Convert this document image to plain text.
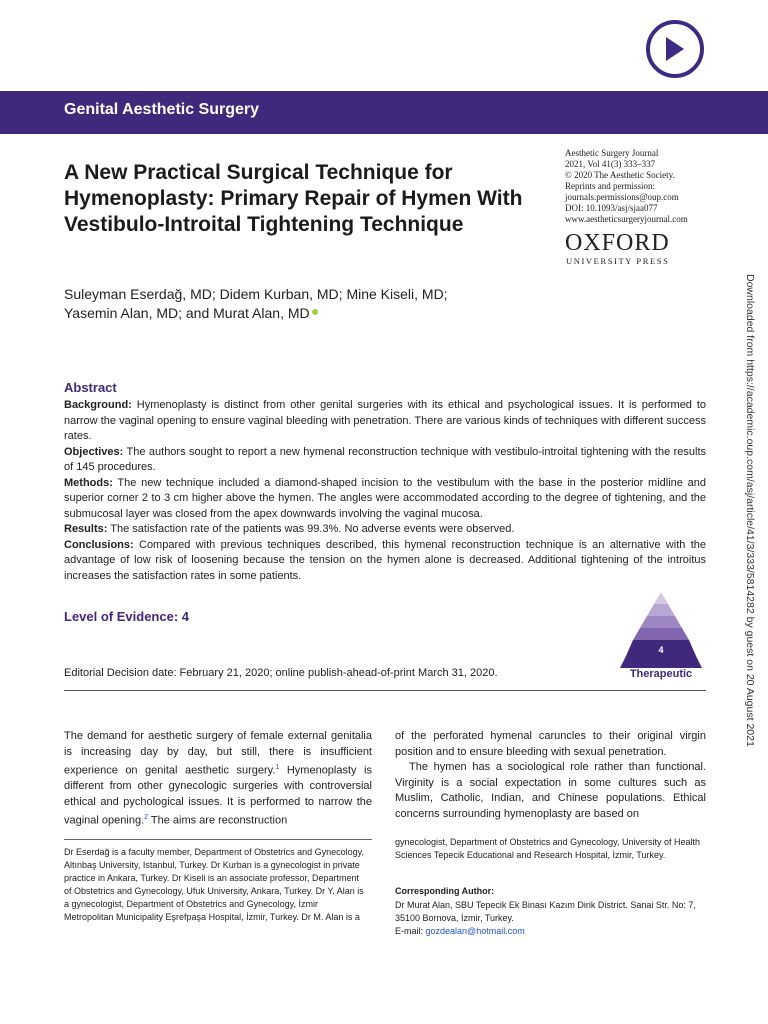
Genital Aesthetic Surgery
A New Practical Surgical Technique for Hymenoplasty: Primary Repair of Hymen With Vestibulo-Introital Tightening Technique
Aesthetic Surgery Journal
2021, Vol 41(3) 333–337
© 2020 The Aesthetic Society.
Reprints and permission:
journals.permissions@oup.com
DOI: 10.1093/asj/sjaa077
www.aestheticsurgeryjournal.com
OXFORD
UNIVERSITY PRESS
Suleyman Eserdağ, MD; Didem Kurban, MD; Mine Kiseli, MD;
Yasemin Alan, MD; and Murat Alan, MD	Downloaded from https://academic.oup.com/asj/article/41/3/333/5814282 by guest on 20 August 2021
Abstract

Background: Hymenoplasty is distinct from other genital surgeries with its ethical and psychological issues. It is performed to narrow the vaginal opening to ensure vaginal bleeding with penetration. There are various kinds of techniques with different success rates.

Objectives: The authors sought to report a new hymenal reconstruction technique with vestibulo-introital tightening with the results of 145 procedures.

Methods: The new technique included a diamond-shaped incision to the vestibulum with the base in the posterior midline and superior corner 2 to 3 cm higher above the hymen. The angles were accommodated according to the degree of tightening, and the submucosal layer was closed from the apex downwards involving the vaginal mucosa.

Results: The satisfaction rate of the patients was 99.3%. No adverse events were observed.

Conclusions: Compared with previous techniques described, this hymenal reconstruction technique is an alternative with the advantage of low risk of loosening because the tension on the hymen alone is decreased. Additional tightening of the introitus increases the satisfaction rates in some patients.

Level of Evidence: 4
4
Therapeutic
Editorial Decision date: February 21, 2020; online publish-ahead-of-print March 31, 2020.

The demand for aesthetic surgery of female external genitalia is increasing day by day, but still, there is insufficient experience on genital aesthetic surgery.$^1$ Hymenoplasty is different from other gynecologic surgeries with controversial ethical and pychological issues. It is performed to narrow the vaginal opening.$^2$ The aims are reconstruction

of the perforated hymenal caruncles to their original virgin position and to ensure bleeding with sexual penetration.

The hymen has a sociological role rather than functional. Virginity is a social expectation in some cultures such as Muslim, Catholic, Indian, and Chinese populations. Ethical concerns surrounding hymenoplasty are based on

Dr Eserdağ is a faculty member, Department of Obstetrics and Gynecology, Altınbaş University, Istanbul, Turkey. Dr Kurban is a gynecologist in private practice in Ankara, Turkey. Dr Kiseli is an associate professor, Department of Obstetrics and Gynecology, Ufuk University, Ankara, Turkey. Dr Y. Alan is a gynecologist, Department of Obstetrics and Gynecology, İzmir Metropolitan Municipality Eşrefpaşa Hospital, İzmir, Turkey. Dr M. Alan is a
gynecologist, Department of Obstetrics and Gynecology, University of Health Sciences Tepecik Educational and Research Hospital, İzmir, Turkey.
Corresponding Author:
Dr Murat Alan, SBU Tepecik Ek Binası Kazım Dirik District. Sanai Str. No: 7, 35100 Bornova, İzmir, Turkey.
E-mail: gozdealan@hotmail.com
